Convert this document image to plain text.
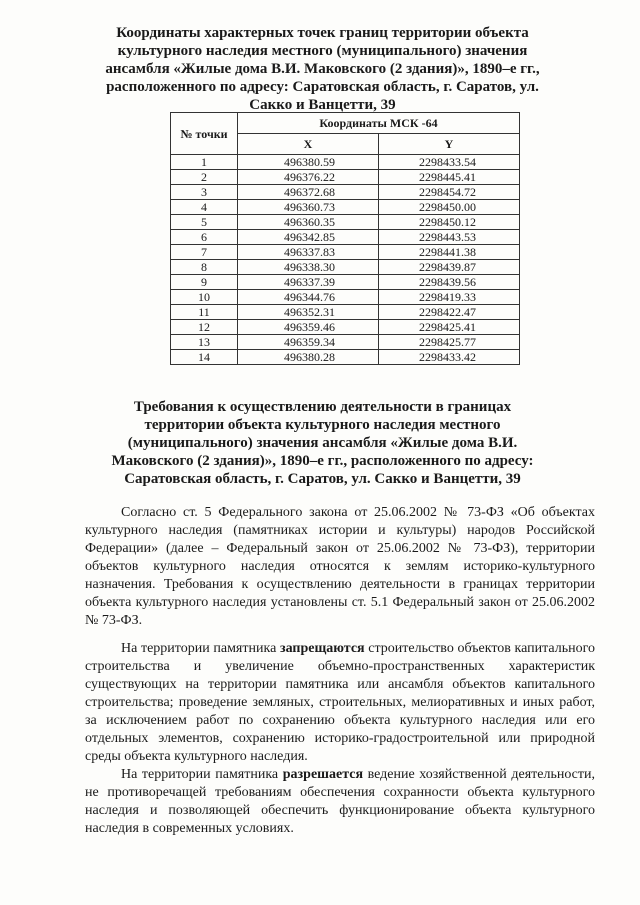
Координаты характерных точек границ территории объекта культурного наследия местного (муниципального) значения ансамбля «Жилые дома В.И. Маковского (2 здания)», 1890–е гг., расположенного по адресу: Саратовская область, г. Саратов, ул. Сакко и Ванцетти, 39
№ точки	Координаты МСК -64	
	X	Y
1	496380.59	2298433.54
2	496376.22	2298445.41
3	496372.68	2298454.72
4	496360.73	2298450.00
5	496360.35	2298450.12
6	496342.85	2298443.53
7	496337.83	2298441.38
8	496338.30	2298439.87
9	496337.39	2298439.56
10	496344.76	2298419.33
11	496352.31	2298422.47
12	496359.46	2298425.41
13	496359.34	2298425.77
14	496380.28	2298433.42
Требования к осуществлению деятельности в границах территории объекта культурного наследия местного (муниципального) значения ансамбля «Жилые дома В.И. Маковского (2 здания)», 1890–е гг., расположенного по адресу: Саратовская область, г. Саратов, ул. Сакко и Ванцетти, 39

Согласно ст. 5 Федерального закона от 25.06.2002 № 73-ФЗ «Об объектах культурного наследия (памятниках истории и культуры) народов Российской Федерации» (далее – Федеральный закон от 25.06.2002 № 73-ФЗ), территории объектов культурного наследия относятся к землям историко-культурного назначения. Требования к осуществлению деятельности в границах территории объекта культурного наследия установлены ст. 5.1 Федеральный закон от 25.06.2002 № 73-ФЗ.

На территории памятника запрещаются строительство объектов капитального строительства и увеличение объемно-пространственных характеристик существующих на территории памятника или ансамбля объектов капитального строительства; проведение земляных, строительных, мелиоративных и иных работ, за исключением работ по сохранению объекта культурного наследия или его отдельных элементов, сохранению историко-градостроительной или природной среды объекта культурного наследия.

На территории памятника разрешается ведение хозяйственной деятельности, не противоречащей требованиям обеспечения сохранности объекта культурного наследия и позволяющей обеспечить функционирование объекта культурного наследия в современных условиях.
